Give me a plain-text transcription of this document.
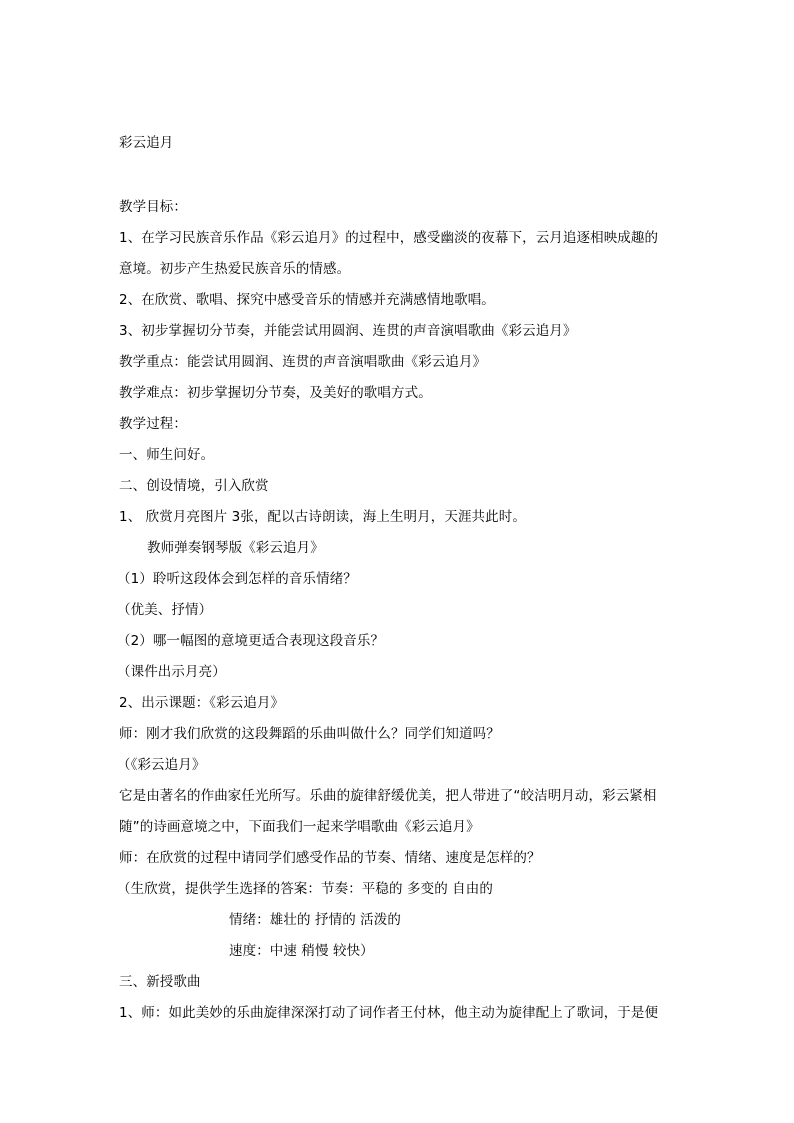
彩云追月
教学目标：
1、在学习民族音乐作品《彩云追月》的过程中，感受幽淡的夜幕下，云月追逐相映成趣的
意境。初步产生热爱民族音乐的情感。
2、在欣赏、歌唱、探究中感受音乐的情感并充满感情地歌唱。
3、初步掌握切分节奏，并能尝试用圆润、连贯的声音演唱歌曲《彩云追月》
教学重点：能尝试用圆润、连贯的声音演唱歌曲《彩云追月》
教学难点：初步掌握切分节奏，及美好的歌唱方式。
教学过程：
一、师生问好。
二、创设情境，引入欣赏
1、 欣赏月亮图片 3张，配以古诗朗读，海上生明月，天涯共此时。
教师弹奏钢琴版《彩云追月》
（1）聆听这段体会到怎样的音乐情绪？
（优美、抒情）
（2）哪一幅图的意境更适合表现这段音乐？
（课件出示月亮）
2、出示课题：《彩云追月》
师：刚才我们欣赏的这段舞蹈的乐曲叫做什么？同学们知道吗？
（《彩云追月》
它是由著名的作曲家任光所写。乐曲的旋律舒缓优美，把人带进了“皎洁明月动，彩云紧相
随”的诗画意境之中，下面我们一起来学唱歌曲《彩云追月》
师：在欣赏的过程中请同学们感受作品的节奏、情绪、速度是怎样的？
（生欣赏，提供学生选择的答案：节奏：平稳的 多变的 自由的
情绪：雄壮的 抒情的 活泼的
速度：中速 稍慢 较快）
三、新授歌曲
1、师：如此美妙的乐曲旋律深深打动了词作者王付林，他主动为旋律配上了歌词，于是便
